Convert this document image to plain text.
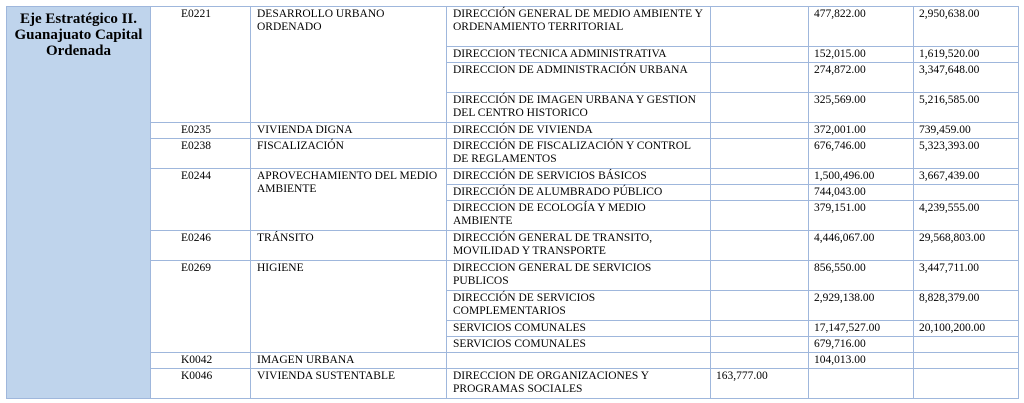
Eje Estratégico II. Guanajuato Capital Ordenada	E0221	DESARROLLO URBANO ORDENADO	DIRECCIÓN GENERAL DE MEDIO AMBIENTE Y ORDENAMIENTO TERRITORIAL		477,822.00	2,950,638.00
			DIRECCION TECNICA ADMINISTRATIVA		152,015.00	1,619,520.00
			DIRECCION DE ADMINISTRACIÓN URBANA		274,872.00	3,347,648.00
			DIRECCIÓN DE IMAGEN URBANA Y GESTION DEL CENTRO HISTORICO		325,569.00	5,216,585.00
	E0235	VIVIENDA DIGNA	DIRECCIÓN DE VIVIENDA		372,001.00	739,459.00
	E0238	FISCALIZACIÓN	DIRECCIÓN DE FISCALIZACIÓN Y CONTROL DE REGLAMENTOS		676,746.00	5,323,393.00
	E0244	APROVECHAMIENTO DEL MEDIO AMBIENTE	DIRECCIÓN DE SERVICIOS BÁSICOS		1,500,496.00	3,667,439.00
			DIRECCIÓN DE ALUMBRADO PÚBLICO		744,043.00	
			DIRECCION DE ECOLOGÍA Y MEDIO AMBIENTE		379,151.00	4,239,555.00
	E0246	TRÁNSITO	DIRECCIÓN GENERAL DE TRANSITO, MOVILIDAD Y TRANSPORTE		4,446,067.00	29,568,803.00
	E0269	HIGIENE	DIRECCION GENERAL DE SERVICIOS PUBLICOS		856,550.00	3,447,711.00
			DIRECCIÓN DE SERVICIOS COMPLEMENTARIOS		2,929,138.00	8,828,379.00
			SERVICIOS COMUNALES		17,147,527.00	20,100,200.00
			SERVICIOS COMUNALES		679,716.00	
	K0042	IMAGEN URBANA			104,013.00	
	K0046	VIVIENDA SUSTENTABLE	DIRECCION DE ORGANIZACIONES Y PROGRAMAS SOCIALES	163,777.00		
